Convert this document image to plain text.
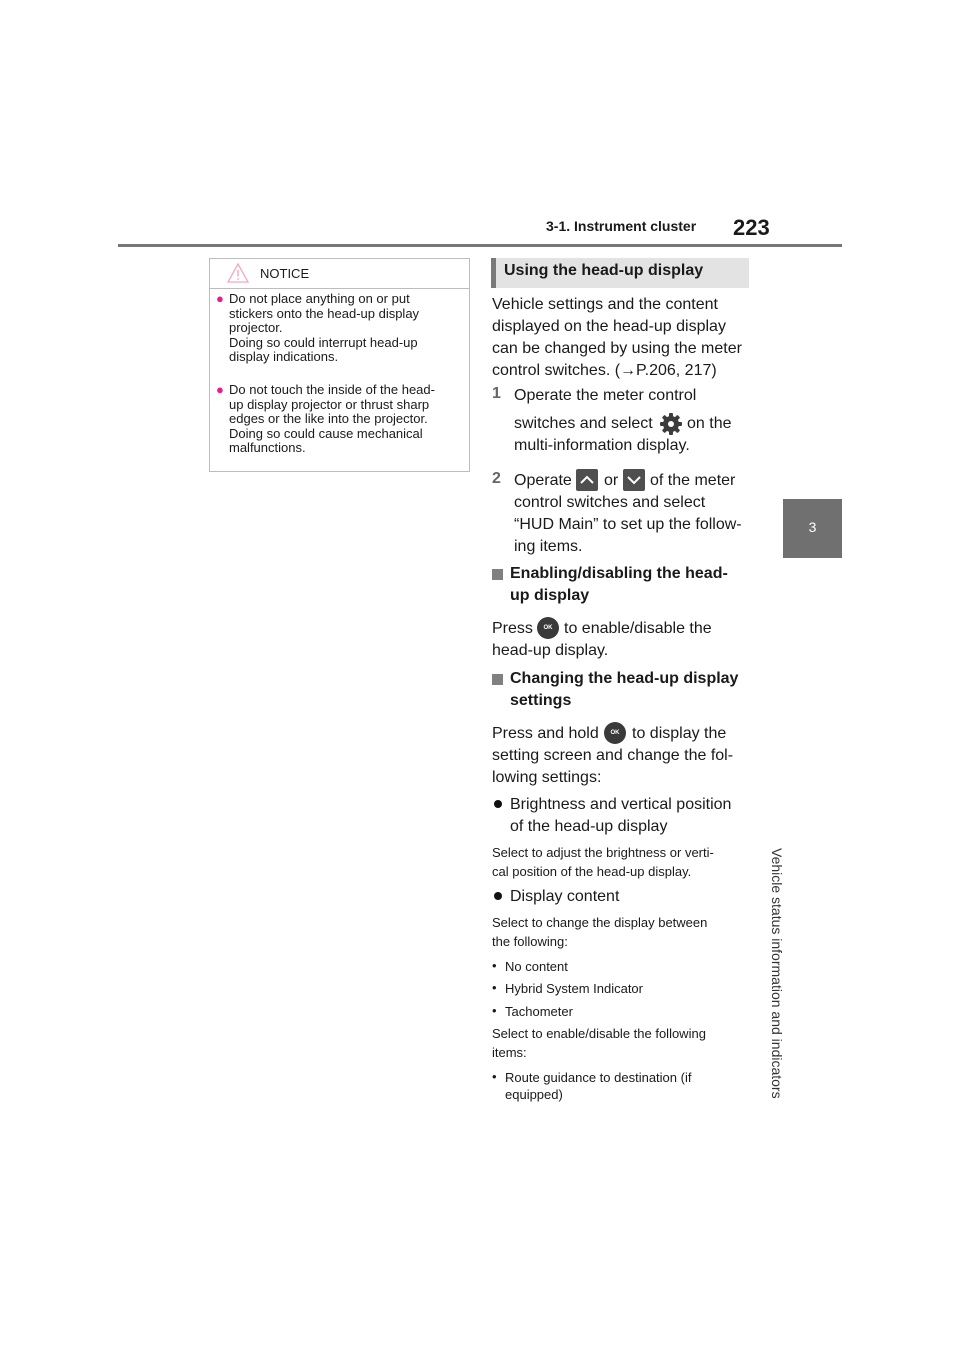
3-1. Instrument cluster 223
3
Vehicle status information and indicators
NOTICE
● Do not place anything on or put
stickers onto the head-up display
projector.
Doing so could interrupt head-up
display indications.
● Do not touch the inside of the head-
up display projector or thrust sharp
edges or the like into the projector.
Doing so could cause mechanical
malfunctions.
Using the head-up display
Vehicle settings and the content
displayed on the head-up display
can be changed by using the meter
control switches. (→P.206, 217)
1 Operate the meter control
switches and select on the
multi-information display.
2 Operate or of the meter
control switches and select
“HUD Main” to set up the follow-
ing items.
Enabling/disabling the head-
up display
Press	OK to enable/disable the
head-up display.
Changing the head-up display
settings
Press and hold	OK to display the
setting screen and change the fol-
lowing settings:
Brightness and vertical position
of the head-up display
Select to adjust the brightness or verti-
cal position of the head-up display.
Display content
Select to change the display between
the following:
• No content
• Hybrid System Indicator
• Tachometer
Select to enable/disable the following
items:
• Route guidance to destination (if
equipped)
